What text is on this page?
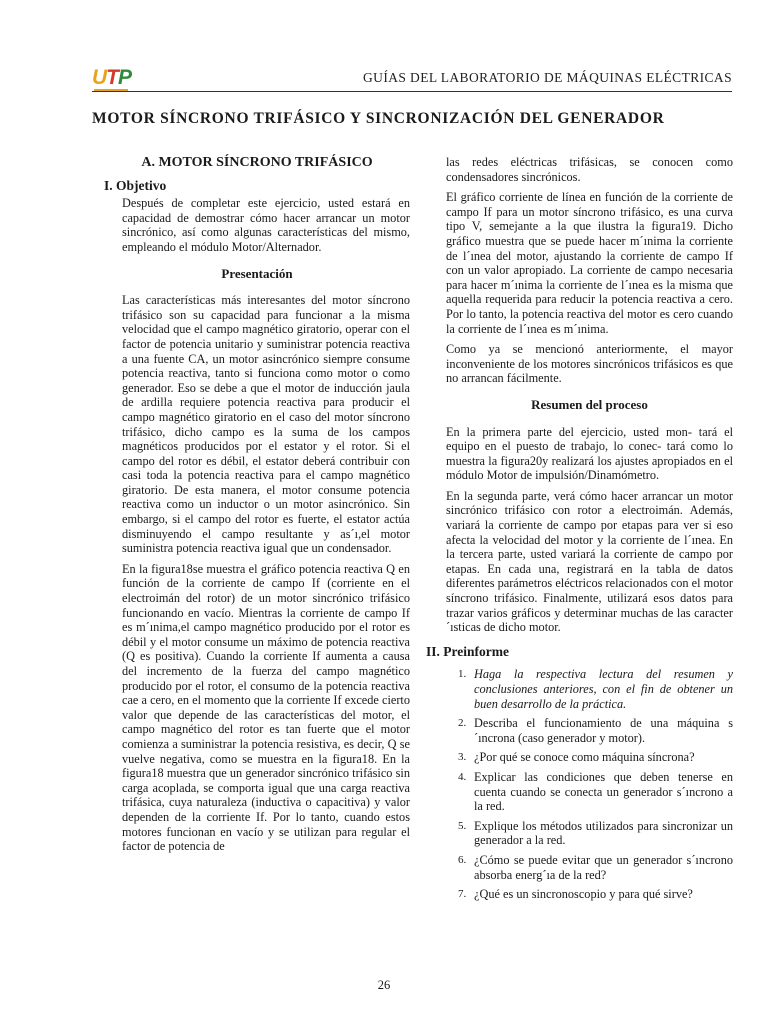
UTP	GUÍAS DEL LABORATORIO DE MÁQUINAS ELÉCTRICAS
MOTOR SÍNCRONO TRIFÁSICO Y SINCRONIZACIÓN DEL GENERADOR
A. MOTOR SÍNCRONO TRIFÁSICO
I. Objetivo

Después de completar este ejercicio, usted estará en capacidad de demostrar cómo hacer arrancar un motor sincrónico, así como algunas características del mismo, empleando el módulo Motor/Alternador.

Presentación

Las características más interesantes del motor síncrono trifásico son su capacidad para funcionar a la misma velocidad que el campo magnético giratorio, operar con el factor de potencia unitario y suministrar potencia reactiva a una fuente CA, un motor asincrónico siempre consume potencia reactiva, tanto si funciona como motor o como generador. Eso se debe a que el motor de inducción jaula de ardilla requiere potencia reactiva para producir el campo magnético giratorio en el caso del motor síncrono trifásico, dicho campo es la suma de los campos magnéticos producidos por el estator y el rotor. Si el campo del rotor es débil, el estator deberá contribuir con casi toda la potencia reactiva para el campo magnético giratorio. De esta manera, el motor consume potencia reactiva como un inductor o un motor asincrónico. Sin embargo, si el campo del rotor es fuerte, el estator actúa disminuyendo el campo resultante y as´ı,el motor suministra potencia reactiva igual que un condensador.

En la figura18se muestra el gráfico potencia reactiva Q en función de la corriente de campo If (corriente en el electroimán del rotor) de un motor sincrónico trifásico funcionando en vacío. Mientras la corriente de campo If es m´ınima,el campo magnético producido por el rotor es débil y el motor consume un máximo de potencia reactiva (Q es positiva). Cuando la corriente If aumenta a causa del incremento de la fuerza del campo magnético producido por el rotor, el consumo de la potencia reactiva cae a cero, en el momento que la corriente If excede cierto valor que depende de las características del motor, el campo magnético del rotor es tan fuerte que el motor comienza a suministrar la potencia resistiva, es decir, Q se vuelve negativa, como se muestra en la figura18. En la figura18 muestra que un generador sincrónico trifásico sin carga acoplada, se comporta igual que una carga reactiva trifásica, cuya naturaleza (inductiva o capacitiva) y valor dependen de la corriente If. Por lo tanto, cuando estos motores funcionan en vacío y se utilizan para regular el factor de potencia de

las redes eléctricas trifásicas, se conocen como condensadores sincrónicos.

El gráfico corriente de línea en función de la corriente de campo If para un motor síncrono trifásico, es una curva tipo V, semejante a la que ilustra la figura19. Dicho gráfico muestra que se puede hacer m´ınima la corriente de l´ınea del motor, ajustando la corriente de campo If con un valor apropiado. La corriente de campo necesaria para hacer m´ınima la corriente de l´ınea es la misma que aquella requerida para reducir la potencia reactiva a cero. Por lo tanto, la potencia reactiva del motor es cero cuando la corriente de l´ınea es m´ınima.

Como ya se mencionó anteriormente, el mayor inconveniente de los motores sincrónicos trifásicos es que no arrancan fácilmente.

Resumen del proceso

En la primera parte del ejercicio, usted mon- tará el equipo en el puesto de trabajo, lo conec- tará como lo muestra la figura20y realizará los ajustes apropiados en el módulo Motor de impulsión/Dinamómetro.

En la segunda parte, verá cómo hacer arrancar un motor sincrónico trifásico con rotor a electroimán. Además, variará la corriente de campo por etapas para ver si eso afecta la velocidad del motor y la corriente de l´ınea. En la tercera parte, usted variará la corriente de campo por etapas. En cada una, registrará en la tabla de datos diferentes parámetros eléctricos relacionados con el motor síncrono trifásico. Finalmente, utilizará esos datos para trazar varios gráficos y determinar muchas de las caracter´ısticas de dicho motor.

II. Preinforme
1. Haga la respectiva lectura del resumen y conclusiones anteriores, con el fin de obtener un buen desarrollo de la práctica.
2. Describa el funcionamiento de una máquina s´ıncrona (caso generador y motor).
3. ¿Por qué se conoce como máquina síncrona?
4. Explicar las condiciones que deben tenerse en cuenta cuando se conecta un generador s´ıncrono a la red.
5. Explique los métodos utilizados para sincronizar un generador a la red.
6. ¿Cómo se puede evitar que un generador s´ıncrono absorba energ´ıa de la red?
7. ¿Qué es un sincronoscopio y para qué sirve?
26
